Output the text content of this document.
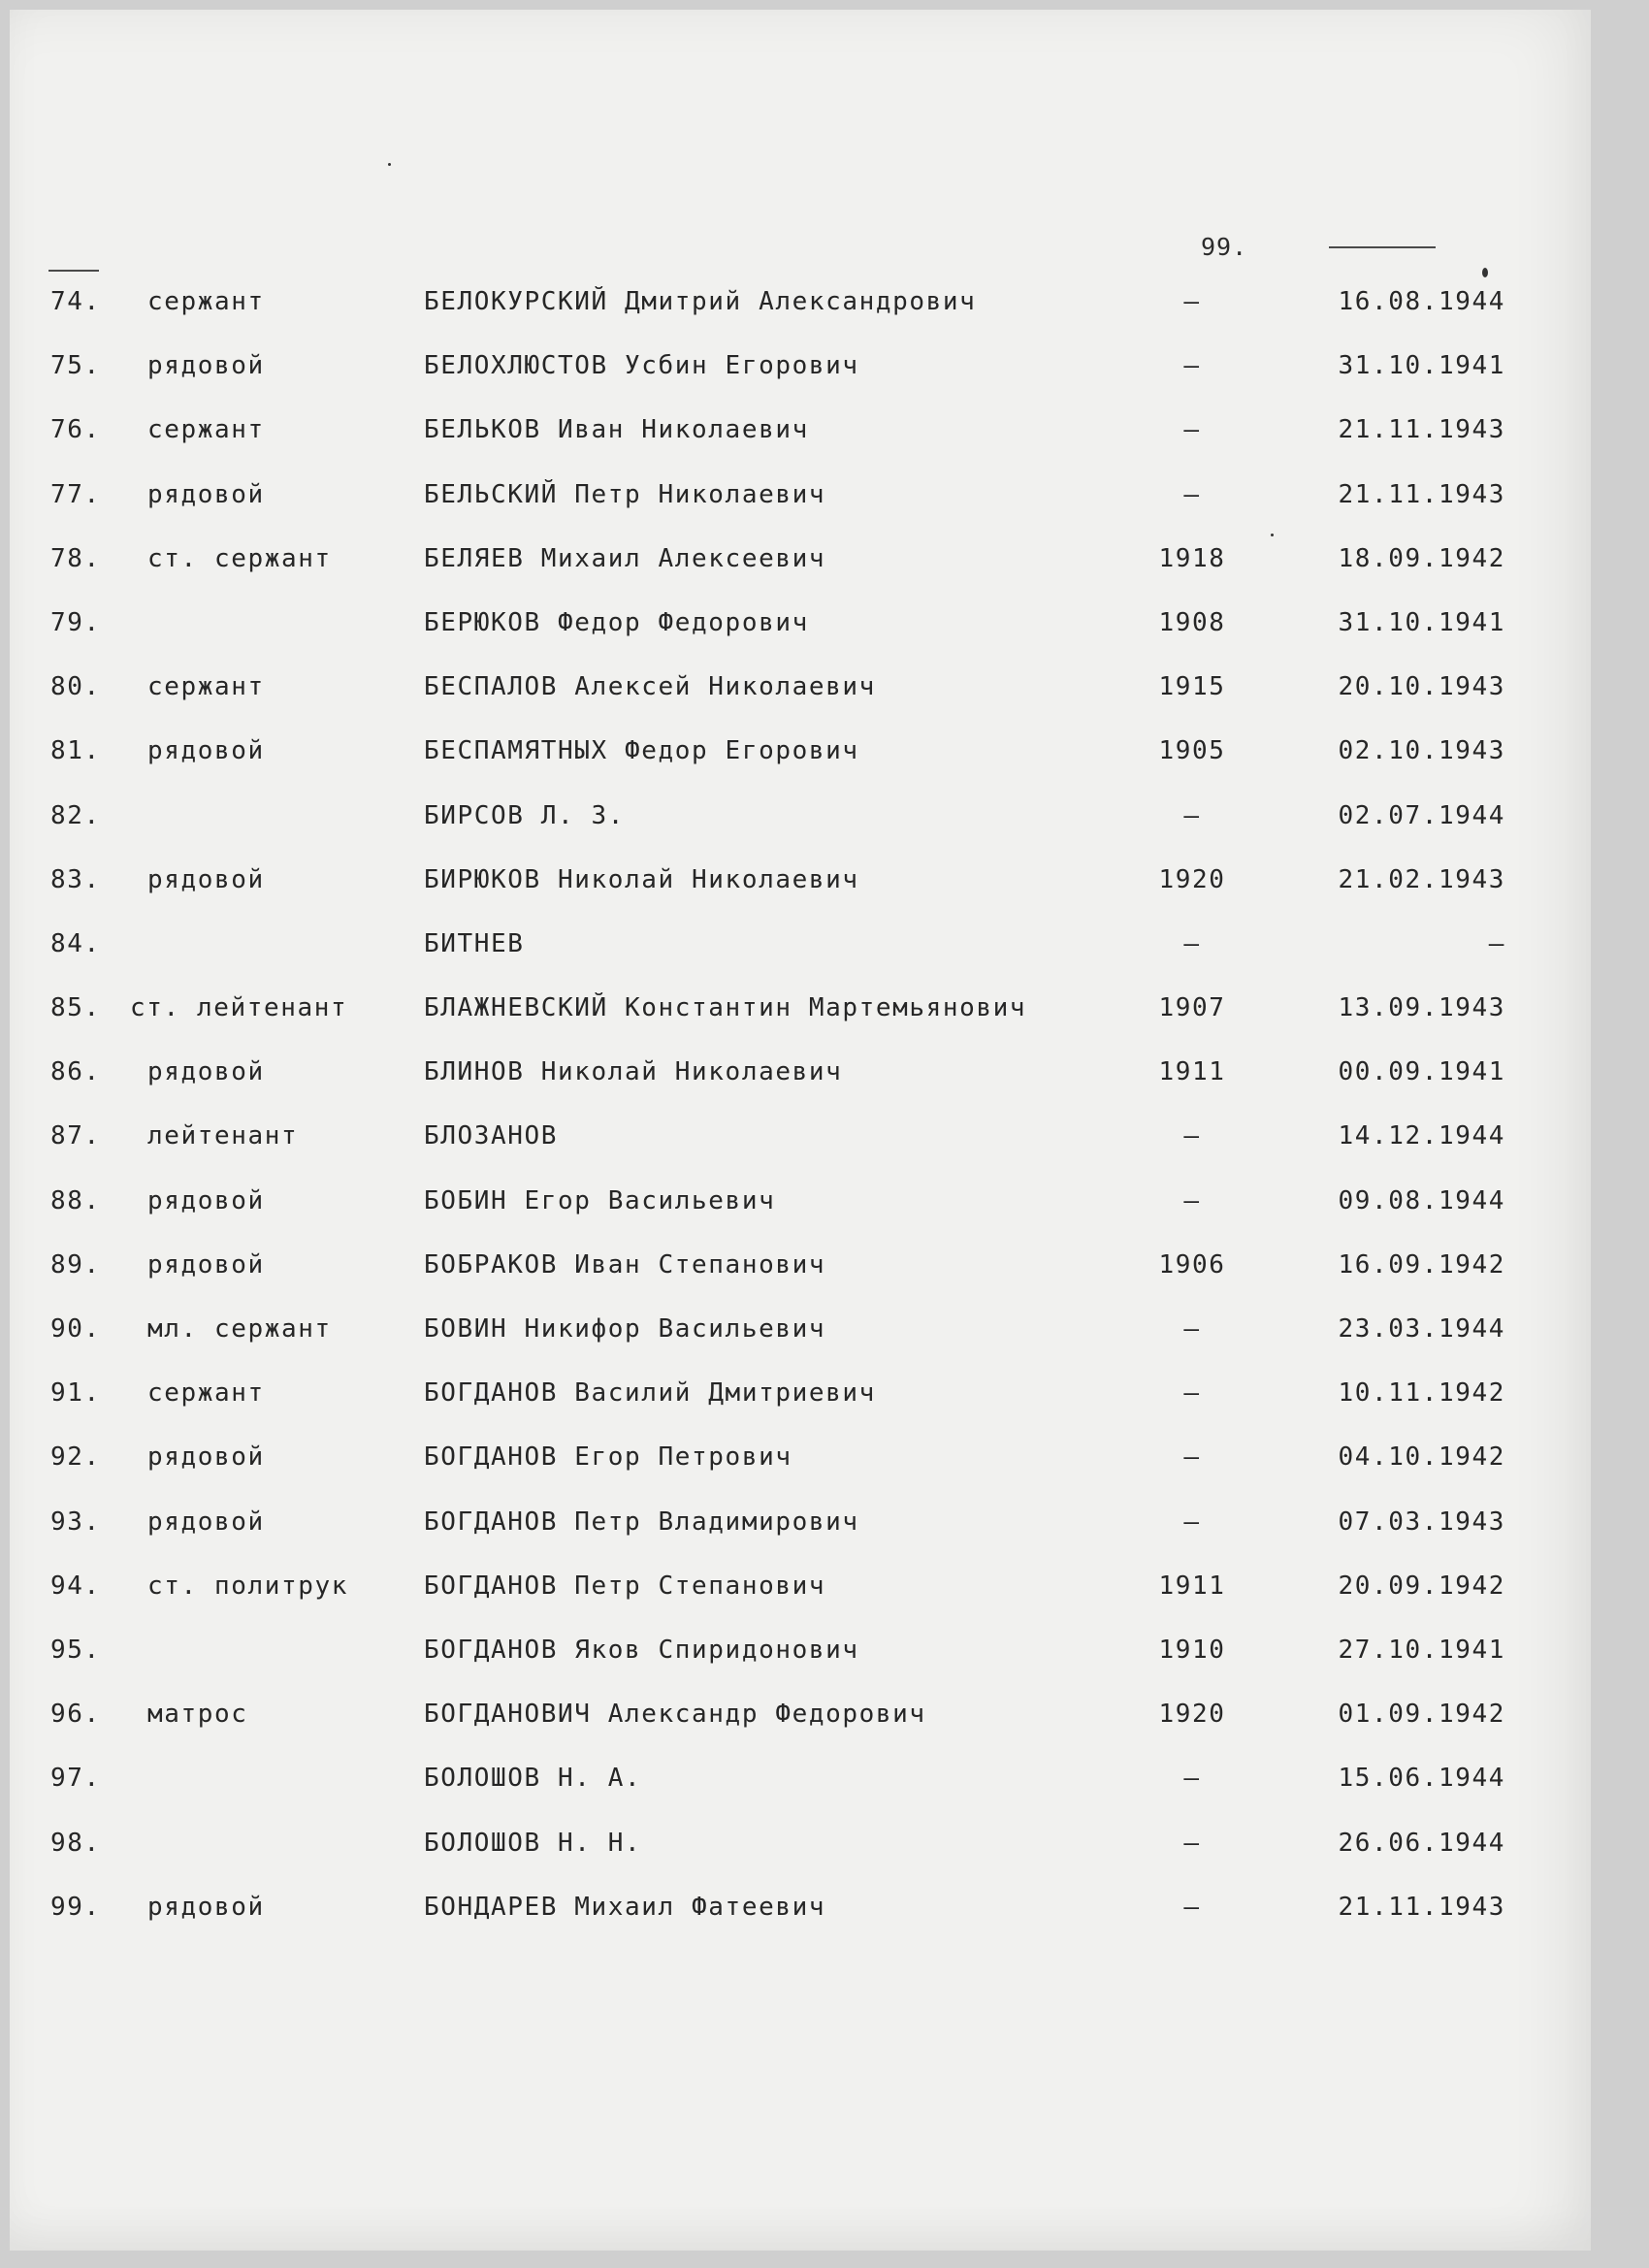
99.
74. сержант	БЕЛОКУРСКИЙ Дмитрий Александрович	–	16.08.1944
75. рядовой	БЕЛОХЛЮСТОВ Усбин Егорович	–	31.10.1941
76. сержант	БЕЛЬКОВ Иван Николаевич	–	21.11.1943
77. рядовой	БЕЛЬСКИЙ Петр Николаевич	–	21.11.1943
78. ст. сержант	БЕЛЯЕВ Михаил Алексеевич	1918	18.09.1942
79.	БЕРЮКОВ Федор Федорович	1908	31.10.1941
80. сержант	БЕСПАЛОВ Алексей Николаевич	1915	20.10.1943
81. рядовой	БЕСПАМЯТНЫХ Федор Егорович	1905	02.10.1943
82.	БИРСОВ Л. З.	–	02.07.1944
83. рядовой	БИРЮКОВ Николай Николаевич	1920	21.02.1943
84.	БИТНЕВ	–	–
85. ст. лейтенант	БЛАЖНЕВСКИЙ Константин Мартемьянович	1907	13.09.1943
86. рядовой	БЛИНОВ Николай Николаевич	1911	00.09.1941
87. лейтенант	БЛОЗАНОВ	–	14.12.1944
88. рядовой	БОБИН Егор Васильевич	–	09.08.1944
89. рядовой	БОБРАКОВ Иван Степанович	1906	16.09.1942
90. мл. сержант	БОВИН Никифор Васильевич	–	23.03.1944
91. сержант	БОГДАНОВ Василий Дмитриевич	–	10.11.1942
92. рядовой	БОГДАНОВ Егор Петрович	–	04.10.1942
93. рядовой	БОГДАНОВ Петр Владимирович	–	07.03.1943
94. ст. политрук	БОГДАНОВ Петр Степанович	1911	20.09.1942
95.	БОГДАНОВ Яков Спиридонович	1910	27.10.1941
96. матрос	БОГДАНОВИЧ Александр Федорович	1920	01.09.1942
97.	БОЛОШОВ Н. А.	–	15.06.1944
98.	БОЛОШОВ Н. Н.	–	26.06.1944
99. рядовой	БОНДАРЕВ Михаил Фатеевич	–	21.11.1943
